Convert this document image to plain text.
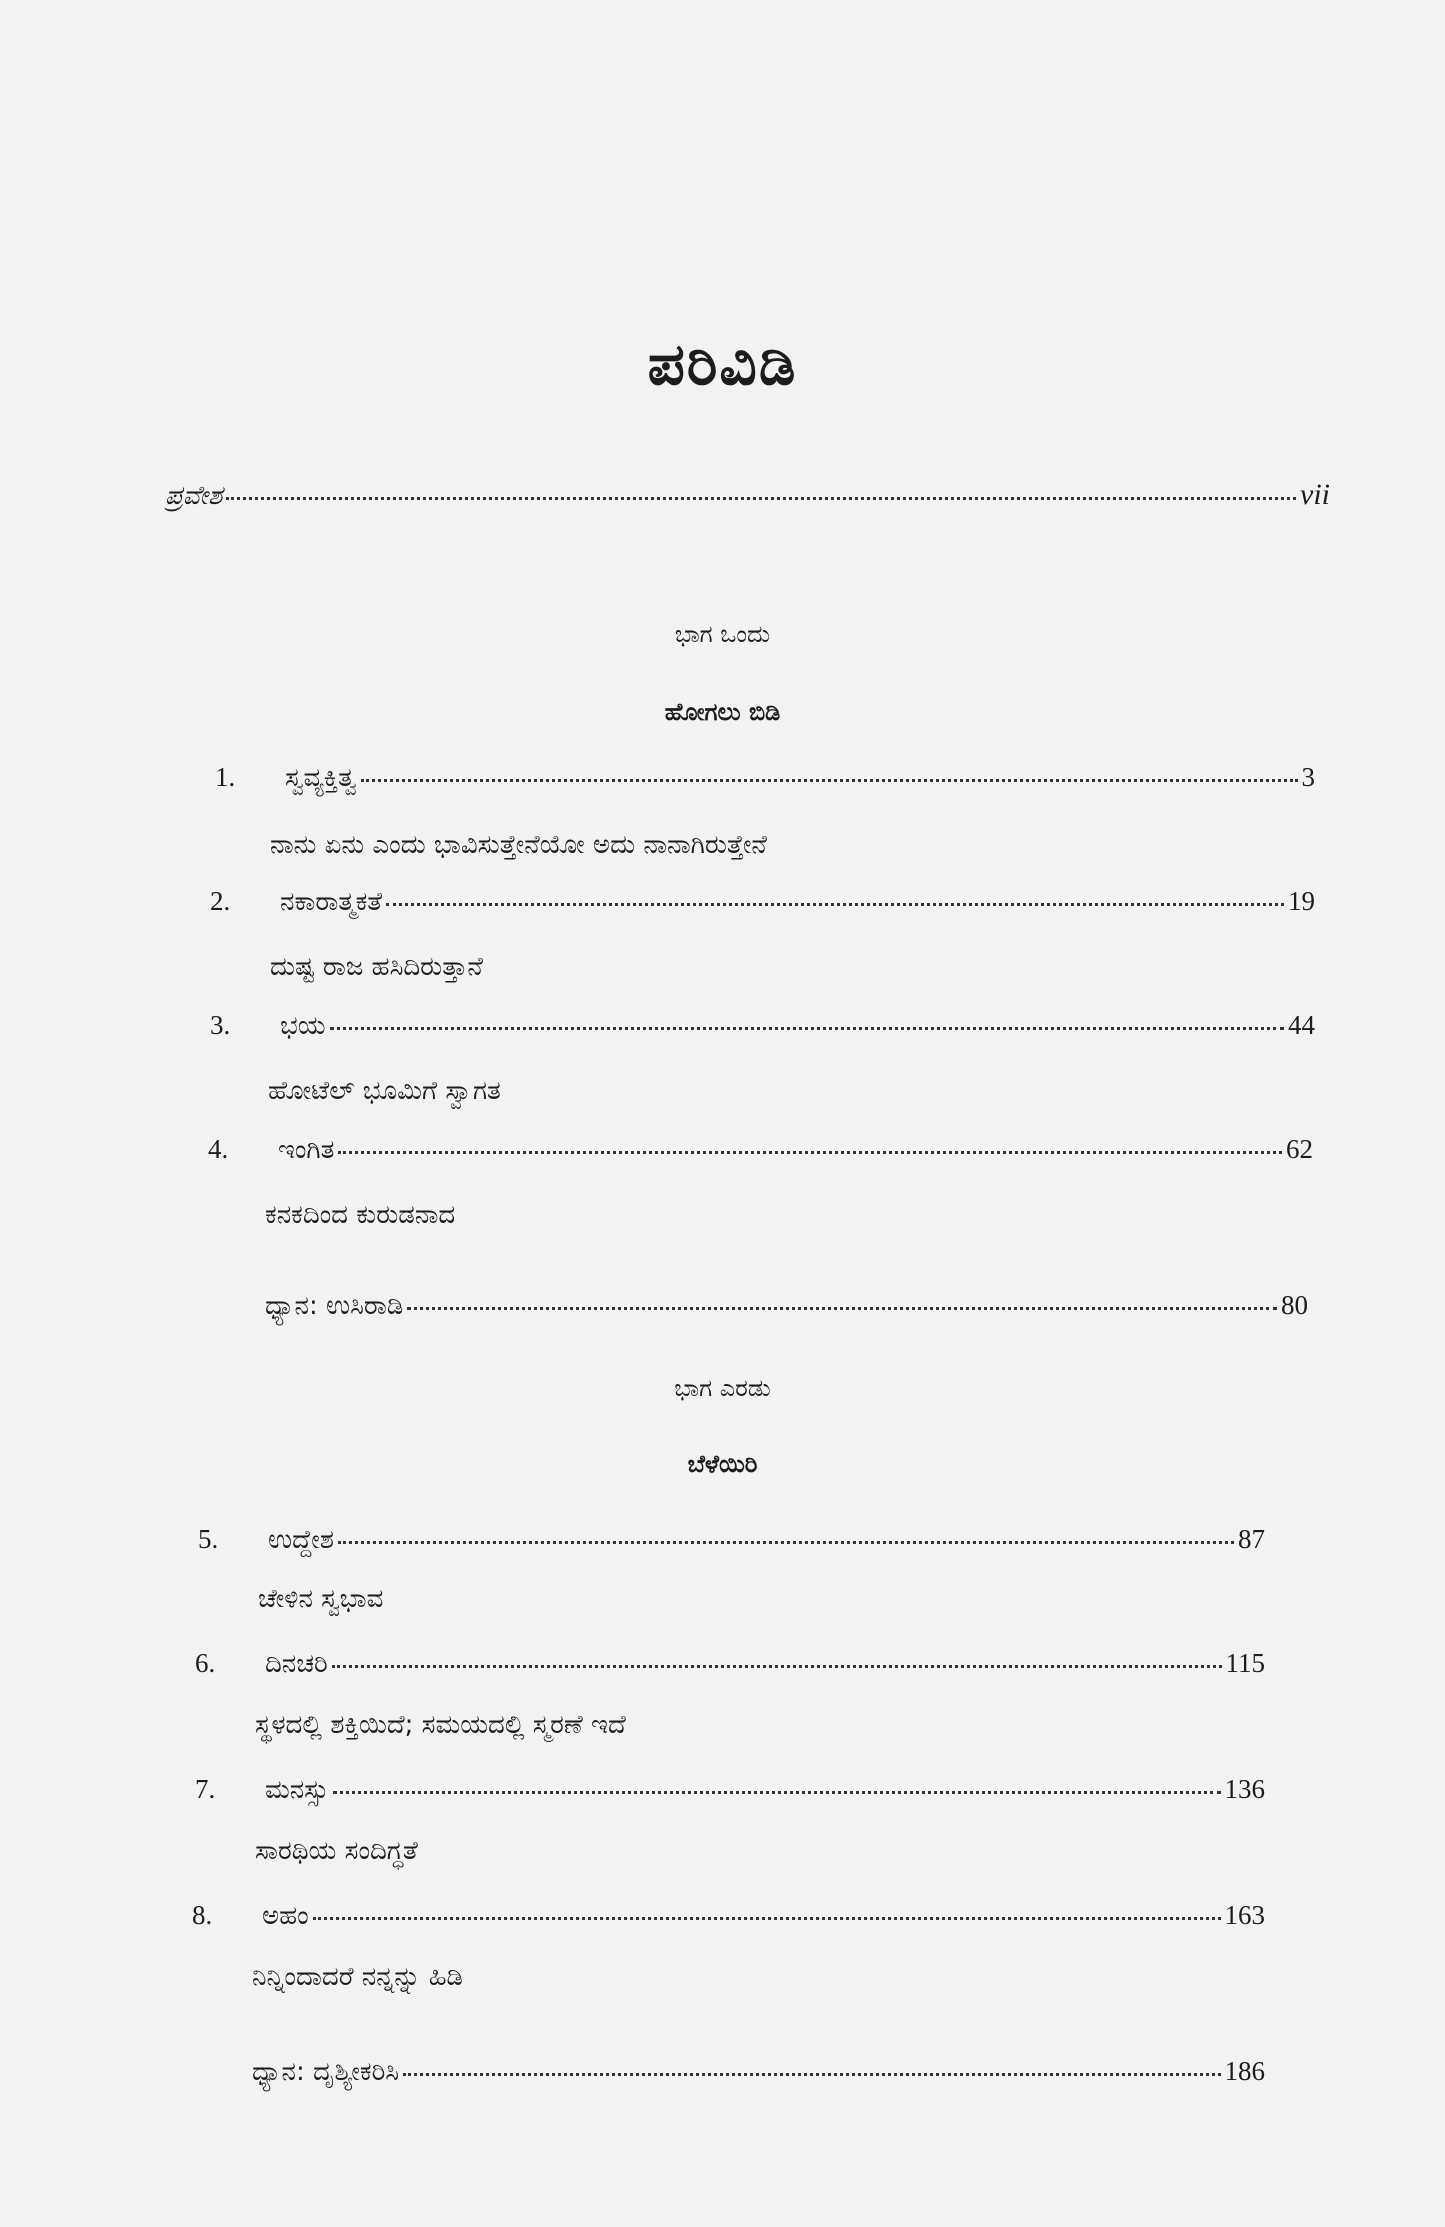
ಪರಿವಿಡಿ
ಪ್ರವೇಶ	vii
ಭಾಗ ಒಂದು
ಹೋಗಲು ಬಿಡಿ
1.	ಸ್ವವ್ಯಕ್ತಿತ್ವ	3
ನಾನು ಏನು ಎಂದು ಭಾವಿಸುತ್ತೇನೆಯೋ ಅದು ನಾನಾಗಿರುತ್ತೇನೆ
2.	ನಕಾರಾತ್ಮಕತೆ	19
ದುಷ್ಟ ರಾಜ ಹಸಿದಿರುತ್ತಾನೆ
3.	ಭಯ	44
ಹೋಟೆಲ್ ಭೂಮಿಗೆ ಸ್ವಾಗತ
4.	ಇಂಗಿತ	62
ಕನಕದಿಂದ ಕುರುಡನಾದ
ಧ್ಯಾನ: ಉಸಿರಾಡಿ	80
ಭಾಗ ಎರಡು
ಬೆಳೆಯಿರಿ
5.	ಉದ್ದೇಶ	87
ಚೇಳಿನ ಸ್ವಭಾವ
6.	ದಿನಚರಿ	115
ಸ್ಥಳದಲ್ಲಿ ಶಕ್ತಿಯಿದೆ; ಸಮಯದಲ್ಲಿ ಸ್ಮರಣೆ ಇದೆ
7.	ಮನಸ್ಸು	136
ಸಾರಥಿಯ ಸಂದಿಗ್ಧತೆ
8.	ಅಹಂ	163
ನಿನ್ನಿಂದಾದರೆ ನನ್ನನ್ನು ಹಿಡಿ
ಧ್ಯಾನ: ದೃಶ್ಯೀಕರಿಸಿ	186
